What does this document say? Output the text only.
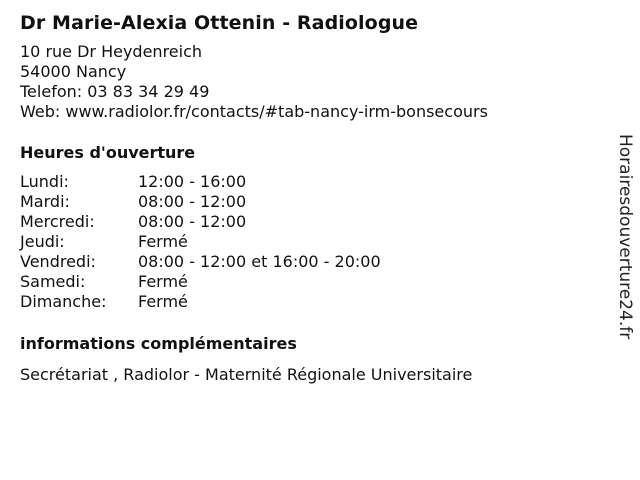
Dr Marie-Alexia Ottenin - Radiologue
10 rue Dr Heydenreich
54000 Nancy
Telefon: 03 83 34 29 49
Web: www.radiolor.fr/contacts/#tab-nancy-irm-bonsecours
Heures d'ouverture
Lundi:	12:00 - 16:00
Mardi:	08:00 - 12:00
Mercredi:	08:00 - 12:00
Jeudi:	Fermé
Vendredi:	08:00 - 12:00 et 16:00 - 20:00
Samedi:	Fermé
Dimanche:	Fermé
informations complémentaires
Secrétariat , Radiolor - Maternité Régionale Universitaire
Horairesdouverture24.fr
